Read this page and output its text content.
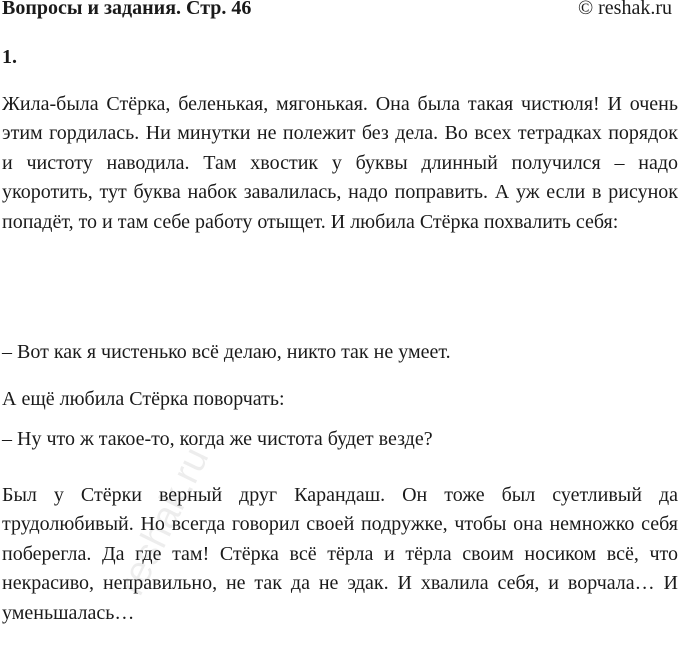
Вопросы и задания. Стр. 46	© reshak.ru
1.
Жила-была Стёрка, беленькая, мягонькая. Она была такая чистюля! И очень этим гордилась. Ни минутки не полежит без дела. Во всех тетрадках порядок и чистоту наводила. Там хвостик у буквы длинный получился – надо укоротить, тут буква набок завалилась, надо поправить. А уж если в рисунок попадёт, то и там себе работу отыщет. И любила Стёрка похвалить себя:
– Вот как я чистенько всё делаю, никто так не умеет.
А ещё любила Стёрка поворчать:
– Ну что ж такое-то, когда же чистота будет везде?
Был у Стёрки верный друг Карандаш. Он тоже был суетливый да трудолюбивый. Но всегда говорил своей подружке, чтобы она немножко себя поберегла. Да где там! Стёрка всё тёрла и тёрла своим носиком всё, что некрасиво, неправильно, не так да не эдак. И хвалила себя, и ворчала… И уменьшалась…
reshak.ru
